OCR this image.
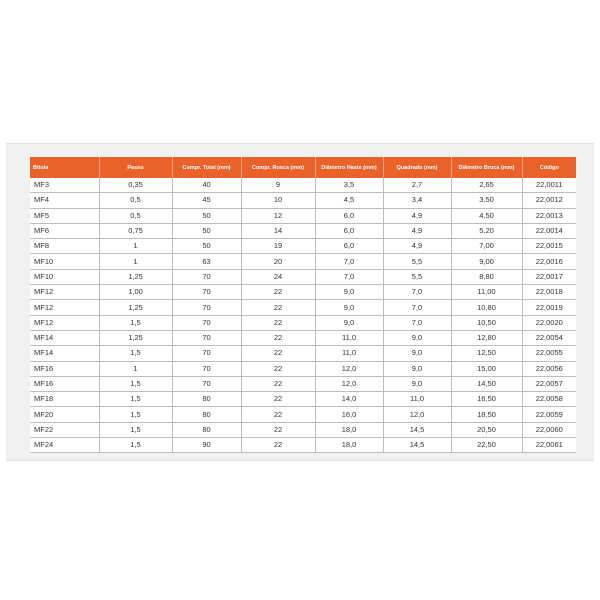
Bitola	Passo	Compr. Total (mm)	Compr. Rosca (mm)	Diâmetro Haste (mm)	Quadrado (mm)	Diâmetro Broca (mm)	Código
MF3	0,35	40	9	3,5	2,7	2,65	22,0011
MF4	0,5	45	10	4,5	3,4	3,50	22,0012
MF5	0,5	50	12	6,0	4,9	4,50	22,0013
MF6	0,75	50	14	6,0	4,9	5,20	22,0014
MF8	1	50	19	6,0	4,9	7,00	22,0015
MF10	1	63	20	7,0	5,5	9,00	22,0016
MF10	1,25	70	24	7,0	5,5	8,80	22,0017
MF12	1,00	70	22	9,0	7,0	11,00	22,0018
MF12	1,25	70	22	9,0	7,0	10,80	22,0019
MF12	1,5	70	22	9,0	7,0	10,50	22,0020
MF14	1,25	70	22	11,0	9,0	12,80	22,0054
MF14	1,5	70	22	11,0	9,0	12,50	22,0055
MF16	1	70	22	12,0	9,0	15,00	22,0056
MF16	1,5	70	22	12,0	9,0	14,50	22,0057
MF18	1,5	80	22	14,0	11,0	16,50	22,0058
MF20	1,5	80	22	16,0	12,0	18,50	22,0059
MF22	1,5	80	22	18,0	14,5	20,50	22,0060
MF24	1,5	90	22	18,0	14,5	22,50	22,0061
